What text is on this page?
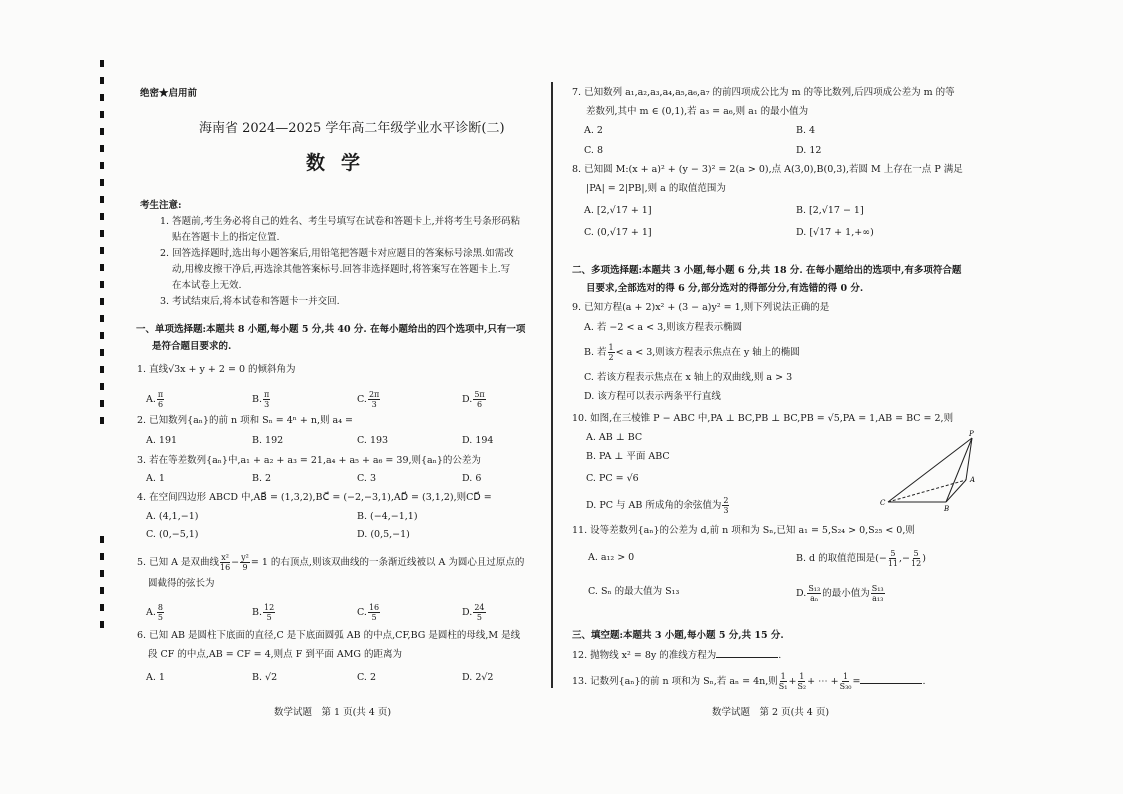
绝密★启用前
海南省 2024—2025 学年高二年级学业水平诊断(二)
数学
考生注意:
1. 答题前,考生务必将自己的姓名、考生号填写在试卷和答题卡上,并将考生号条形码粘
贴在答题卡上的指定位置.
2. 回答选择题时,选出每小题答案后,用铅笔把答题卡对应题目的答案标号涂黑.如需改
动,用橡皮擦干净后,再选涂其他答案标号.回答非选择题时,将答案写在答题卡上.写
在本试卷上无效.
3. 考试结束后,将本试卷和答题卡一并交回.
一、单项选择题:本题共 8 小题,每小题 5 分,共 40 分. 在每小题给出的四个选项中,只有一项
是符合题目要求的.
1. 直线√3x + y + 2 = 0 的倾斜角为
A. $\frac{\pi}{6}$	B. $\frac{\pi}{3}$	C. $\frac{2\pi}{3}$	D. $\frac{5\pi}{6}$
2. 已知数列{aₙ}的前 n 项和 Sₙ = 4ⁿ + n,则 a₄ =
A. 191	B. 192	C. 193	D. 194
3. 若在等差数列{aₙ}中,a₁ + a₂ + a₃ = 21,a₄ + a₅ + a₆ = 39,则{aₙ}的公差为
A. 1	B. 2	C. 3	D. 6
4. 在空间四边形 ABCD 中,AB⃗ = (1,3,2),BC⃗ = (−2,−3,1),AD⃗ = (3,1,2),则CD⃗ =
A. (4,1,−1)	B. (−4,−1,1)
C. (0,−5,1)	D. (0,5,−1)
5. 已知 A 是双曲线 $\frac{\text{x²}}{16} - \frac{\text{y²}}{9} = 1$ 的右顶点,则该双曲线的一条渐近线被以 A 为圆心且过原点的
圆截得的弦长为
A. $\frac{8}{5}$	B. $\frac{12}{5}$	C. $\frac{16}{5}$	D. $\frac{24}{5}$
6. 已知 AB 是圆柱下底面的直径,C 是下底面圆弧 AB 的中点,CF,BG 是圆柱的母线,M 是线
段 CF 的中点,AB = CF = 4,则点 F 到平面 AMG 的距离为
A. 1	B. √2	C. 2	D. 2√2
数学试题　第 1 页(共 4 页)
7. 已知数列 a₁,a₂,a₃,a₄,a₅,a₆,a₇ 的前四项成公比为 m 的等比数列,后四项成公差为 m 的等
差数列,其中 m ∈ (0,1),若 a₃ = a₆,则 a₁ 的最小值为
A. 2	B. 4
C. 8	D. 12
8. 已知圆 M:(x + a)² + (y − 3)² = 2(a > 0),点 A(3,0),B(0,3),若圆 M 上存在一点 P 满足
|PA| = 2|PB|,则 a 的取值范围为
A. [2,√17 + 1]	B. [2,√17 − 1]
C. (0,√17 + 1]	D. [√17 + 1,+∞)
二、多项选择题:本题共 3 小题,每小题 6 分,共 18 分. 在每小题给出的选项中,有多项符合题
目要求,全部选对的得 6 分,部分选对的得部分分,有选错的得 0 分.
9. 已知方程(a + 2)x² + (3 − a)y² = 1,则下列说法正确的是
A. 若 −2 < a < 3,则该方程表示椭圆
B. 若 $\frac{1}{2} < a < 3$,则该方程表示焦点在 y 轴上的椭圆
C. 若该方程表示焦点在 x 轴上的双曲线,则 a > 3
D. 该方程可以表示两条平行直线
10. 如图,在三棱锥 P − ABC 中,PA ⊥ BC,PB ⊥ BC,PB = √5,PA = 1,AB = BC = 2,则
A. AB ⊥ BC
B. PA ⊥ 平面 ABC
C. PC = √6
D. PC 与 AB 所成角的余弦值为 $\frac{2}{3}$
P
A
B
C
11. 设等差数列{aₙ}的公差为 d,前 n 项和为 Sₙ,已知 a₁ = 5,S₂₄ > 0,S₂₅ < 0,则
A. a₁₂ > 0	B. d 的取值范围是(− $\frac{5}{11}$ ,− $\frac{5}{12}$ )
C. Sₙ 的最大值为 S₁₃	D. $\frac{\text{S₁₃}}{\text{aₙ}}$ 的最小值为 $\frac{\text{S₁₃}}{\text{a₁₃}}$
三、填空题:本题共 3 小题,每小题 5 分,共 15 分.
12. 抛物线 x² = 8y 的准线方程为	.
13. 记数列{aₙ}的前 n 项和为 Sₙ,若 aₙ = 4n,则 $\frac{1}{\text{S₁}} + \frac{1}{\text{S₂}}$ + ⋯ + $\frac{1}{\text{S₃₀}}$ =	.
数学试题　第 2 页(共 4 页)
